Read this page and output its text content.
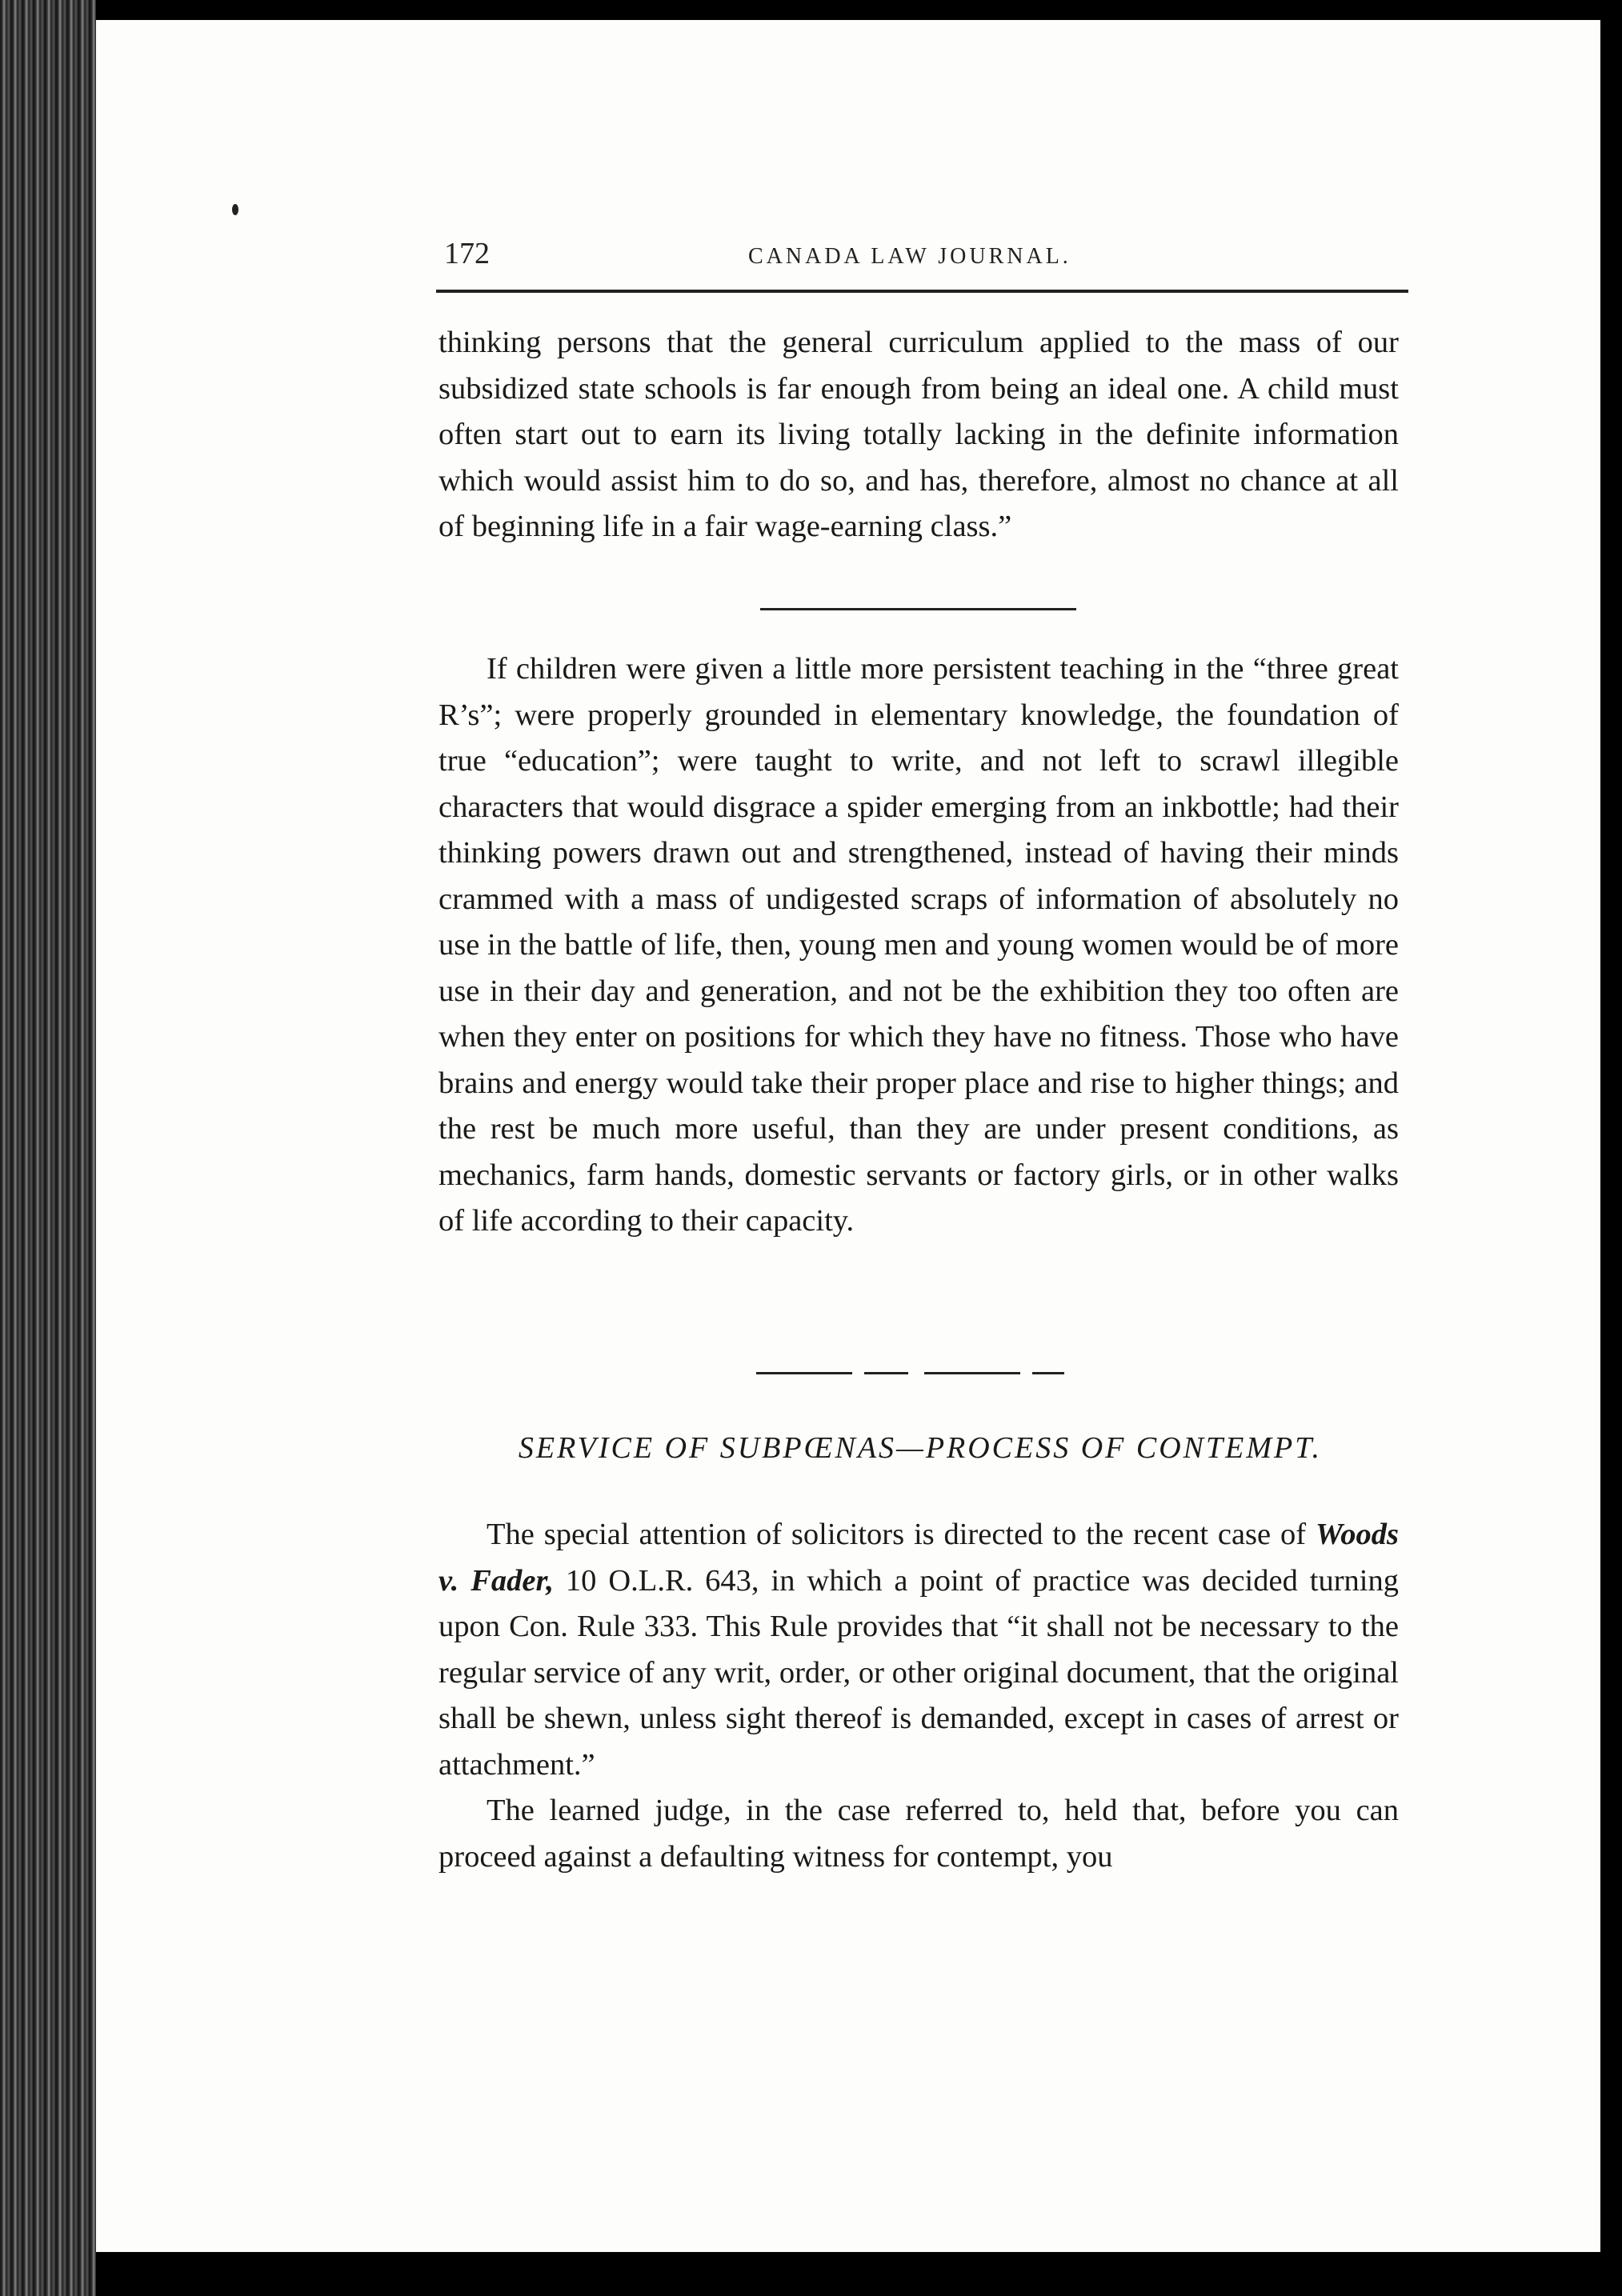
172	CANADA LAW JOURNAL.
thinking persons that the general curriculum applied to the mass of our subsidized state schools is far enough from being an ideal one. A child must often start out to earn its living totally lacking in the definite information which would assist him to do so, and has, therefore, almost no chance at all of beginning life in a fair wage-earning class.”
If children were given a little more persistent teaching in the “three great R’s”; were properly grounded in elementary knowledge, the foundation of true “education”; were taught to write, and not left to scrawl illegible characters that would disgrace a spider emerging from an inkbottle; had their thinking powers drawn out and strengthened, instead of having their minds crammed with a mass of undigested scraps of information of absolutely no use in the battle of life, then, young men and young women would be of more use in their day and generation, and not be the exhibition they too often are when they enter on positions for which they have no fitness. Those who have brains and energy would take their proper place and rise to higher things; and the rest be much more useful, than they are under present conditions, as mechanics, farm hands, domestic servants or factory girls, or in other walks of life according to their capacity.
SERVICE OF SUBPŒNAS—PROCESS OF CONTEMPT.

The special attention of solicitors is directed to the recent case of Woods v. Fader, 10 O.L.R. 643, in which a point of practice was decided turning upon Con. Rule 333. This Rule provides that “it shall not be necessary to the regular service of any writ, order, or other original document, that the original shall be shewn, unless sight thereof is demanded, except in cases of arrest or attachment.”

The learned judge, in the case referred to, held that, before you can proceed against a defaulting witness for contempt, you
